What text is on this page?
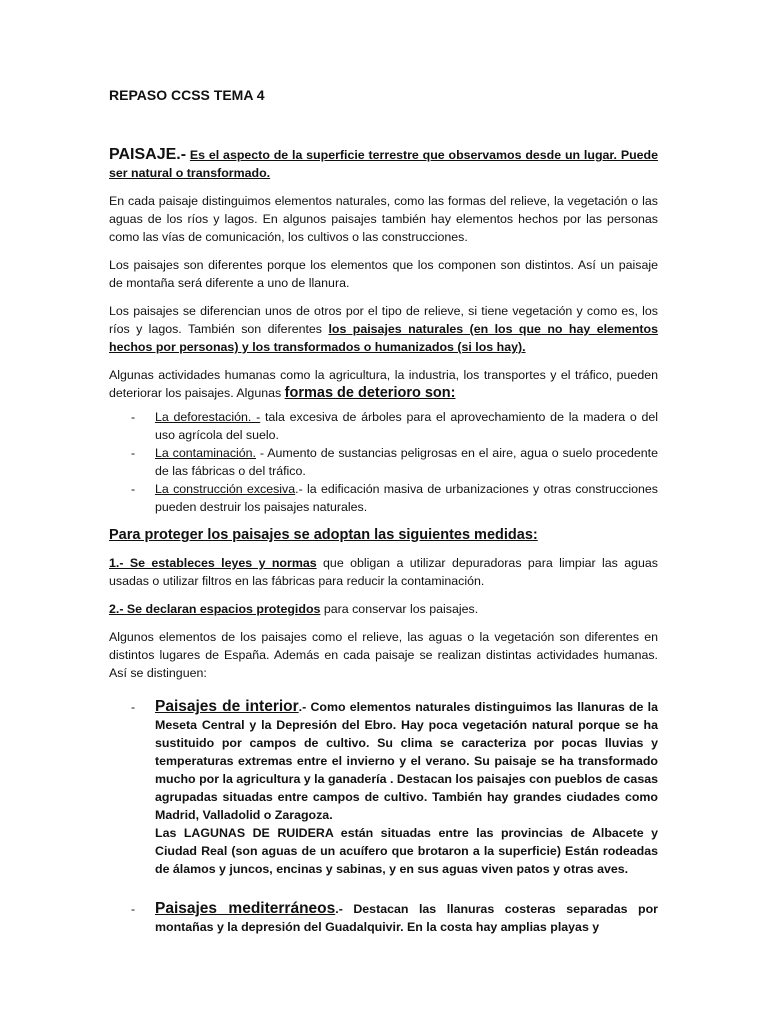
REPASO CCSS TEMA 4

PAISAJE.- Es el aspecto de la superficie terrestre que observamos desde un lugar. Puede ser natural o transformado.

En cada paisaje distinguimos elementos naturales, como las formas del relieve, la vegetación o las aguas de los ríos y lagos. En algunos paisajes también hay elementos hechos por las personas como las vías de comunicación, los cultivos o las construcciones.

Los paisajes son diferentes porque los elementos que los componen son distintos. Así un paisaje de montaña será diferente a uno de llanura.

Los paisajes se diferencian unos de otros por el tipo de relieve, si tiene vegetación y como es, los ríos y lagos. También son diferentes los paisajes naturales (en los que no hay elementos hechos por personas) y los transformados o humanizados (si los hay).

Algunas actividades humanas como la agricultura, la industria, los transportes y el tráfico, pueden deteriorar los paisajes. Algunas formas de deterioro son:

- La deforestación. - tala excesiva de árboles para el aprovechamiento de la madera o del uso agrícola del suelo.
- La contaminación. - Aumento de sustancias peligrosas en el aire, agua o suelo procedente de las fábricas o del tráfico.
- La construcción excesiva.- la edificación masiva de urbanizaciones y otras construcciones pueden destruir los paisajes naturales.
Para proteger los paisajes se adoptan las siguientes medidas:

1.- Se estableces leyes y normas que obligan a utilizar depuradoras para limpiar las aguas usadas o utilizar filtros en las fábricas para reducir la contaminación.

2.- Se declaran espacios protegidos para conservar los paisajes.

Algunos elementos de los paisajes como el relieve, las aguas o la vegetación son diferentes en distintos lugares de España. Además en cada paisaje se realizan distintas actividades humanas. Así se distinguen:

- Paisajes de interior.- Como elementos naturales distinguimos las llanuras de la Meseta Central y la Depresión del Ebro. Hay poca vegetación natural porque se ha sustituido por campos de cultivo. Su clima se caracteriza por pocas lluvias y temperaturas extremas entre el invierno y el verano. Su paisaje se ha transformado mucho por la agricultura y la ganadería . Destacan los paisajes con pueblos de casas agrupadas situadas entre campos de cultivo. También hay grandes ciudades como Madrid, Valladolid o Zaragoza.
Las LAGUNAS DE RUIDERA están situadas entre las provincias de Albacete y Ciudad Real (son aguas de un acuífero que brotaron a la superficie) Están rodeadas de álamos y juncos, encinas y sabinas, y en sus aguas viven patos y otras aves.
- Paisajes mediterráneos.- Destacan las llanuras costeras separadas por montañas y la depresión del Guadalquivir. En la costa hay amplias playas y
